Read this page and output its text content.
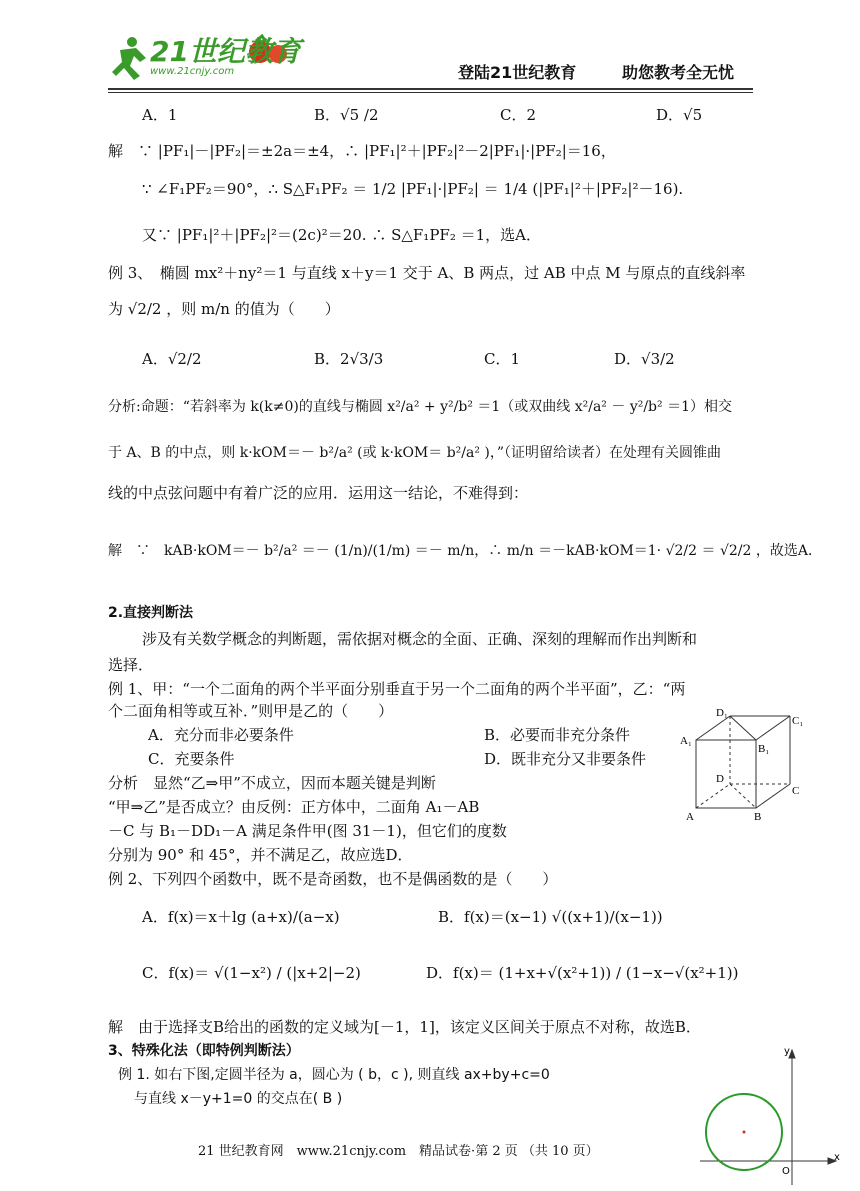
21世纪教育
www.21cnjy.com	登陆21世纪教育	助您教考全无忧
A．1	B．√5 /2	C．2	D．√5
解　∵ |PF₁|－|PF₂|＝±2a＝±4，∴ |PF₁|²＋|PF₂|²－2|PF₁|·|PF₂|＝16，
∵ ∠F₁PF₂＝90°，∴ S△F₁PF₂ ＝ 1/2 |PF₁|·|PF₂| ＝ 1/4 (|PF₁|²＋|PF₂|²－16).
又∵ |PF₁|²＋|PF₂|²＝(2c)²＝20. ∴ S△F₁PF₂ ＝1，选A．
例 3、　椭圆 mx²＋ny²＝1 与直线 x＋y＝1 交于 A、B 两点，过 AB 中点 M 与原点的直线斜率
为 √2/2 ，则 m/n 的值为（　　）
A．√2/2	B．2√3/3	C．1	D．√3/2
分析:命题：“若斜率为 k(k≠0)的直线与椭圆 x²/a² + y²/b² ＝1（或双曲线 x²/a² － y²/b² ＝1）相交
于 A、B 的中点，则 k·kOM＝－ b²/a² (或 k·kOM＝ b²/a² )，”（证明留给读者）在处理有关圆锥曲
线的中点弦问题中有着广泛的应用．运用这一结论，不难得到：
解　∵　kAB·kOM＝－ b²/a² ＝－ (1/n)/(1/m) ＝－ m/n，∴ m/n ＝－kAB·kOM＝1· √2/2 ＝ √2/2 ，故选A．
2.直接判断法
涉及有关数学概念的判断题，需依据对概念的全面、正确、深刻的理解而作出判断和
选择．
例 1、甲：“一个二面角的两个半平面分别垂直于另一个二面角的两个半平面”，乙：“两
个二面角相等或互补．”则甲是乙的（　　）
A．充分而非必要条件	B．必要而非充分条件
C．充要条件	D．既非充分又非要条件
分析　显然“乙⇒甲”不成立，因而本题关键是判断
“甲⇒乙”是否成立？由反例：正方体中，二面角 A₁－AB
－C 与 B₁－DD₁－A 满足条件甲(图 31－1)，但它们的度数
分别为 90° 和 45°，并不满足乙，故应选D．
例 2、下列四个函数中，既不是奇函数，也不是偶函数的是（　　）
A．f(x)＝x＋lg (a+x)/(a−x)	B．f(x)＝(x−1) √((x+1)/(x−1))
C．f(x)＝ √(1−x²) / (|x+2|−2)	D．f(x)＝ (1+x+√(x²+1)) / (1−x−√(x²+1))
解　由于选择支B给出的函数的定义域为[－1，1]，该定义区间关于原点不对称，故选B．
D₁
C₁
A₁
B₁
D
C
A	B
3、特殊化法（即特例判断法）
例 1. 如右下图,定圆半径为 a，圆心为 ( b，c ), 则直线 ax+by+c=0
与直线 x－y+1=0 的交点在( B )
y
x
O
21 世纪教育网　www.21cnjy.com　精品试卷·第 2 页 （共 10 页）
